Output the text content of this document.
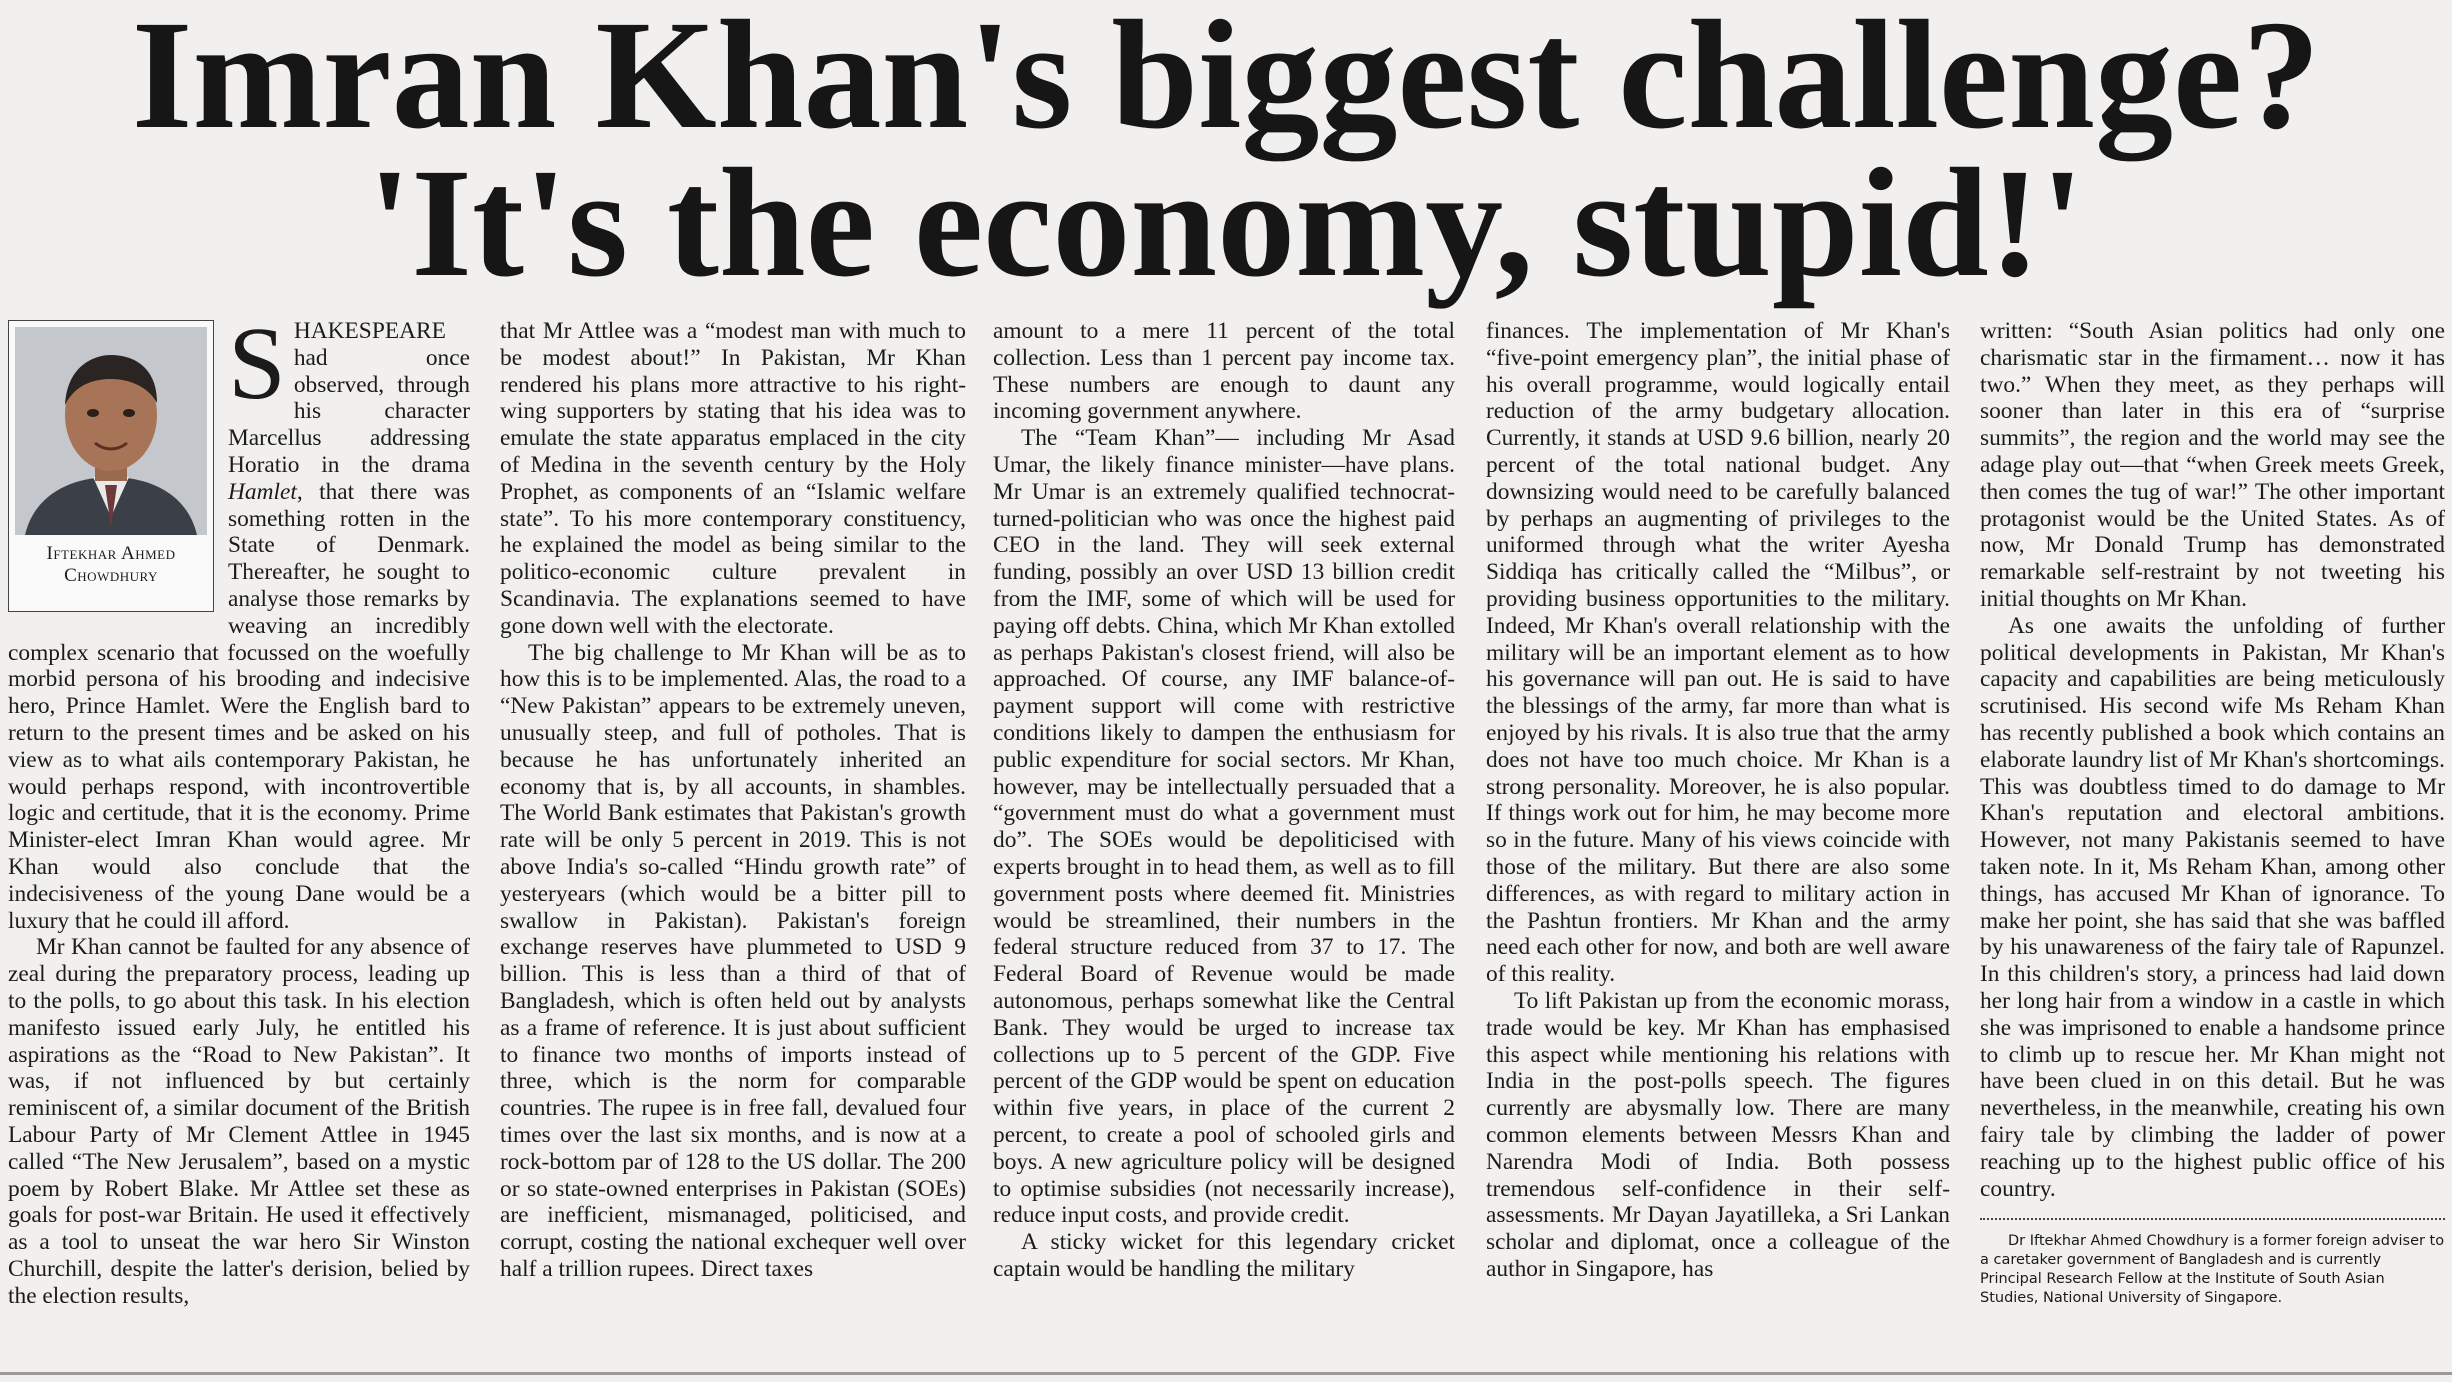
Imran Khan's biggest challenge?
'It's the economy, stupid!'
Iftekhar Ahmed
Chowdhury

SHAKESPEARE had once observed, through his character Marcellus addressing Horatio in the drama Hamlet, that there was something rotten in the State of Denmark. Thereafter, he sought to analyse those remarks by weaving an incredibly complex scenario that focussed on the woefully morbid persona of his brooding and indecisive hero, Prince Hamlet. Were the English bard to return to the present times and be asked on his view as to what ails contemporary Pakistan, he would perhaps respond, with incontrovertible logic and certitude, that it is the economy. Prime Minister-elect Imran Khan would agree. Mr Khan would also conclude that the indecisiveness of the young Dane would be a luxury that he could ill afford.

Mr Khan cannot be faulted for any absence of zeal during the preparatory process, leading up to the polls, to go about this task. In his election manifesto issued early July, he entitled his aspirations as the “Road to New Pakistan”. It was, if not influenced by but certainly reminiscent of, a similar document of the British Labour Party of Mr Clement Attlee in 1945 called “The New Jerusalem”, based on a mystic poem by Robert Blake. Mr Attlee set these as goals for post-war Britain. He used it effectively as a tool to unseat the war hero Sir Winston Churchill, despite the latter's derision, belied by the election results,

that Mr Attlee was a “modest man with much to be modest about!” In Pakistan, Mr Khan rendered his plans more attractive to his right-wing supporters by stating that his idea was to emulate the state apparatus emplaced in the city of Medina in the seventh century by the Holy Prophet, as components of an “Islamic welfare state”. To his more contemporary constituency, he explained the model as being similar to the politico-economic culture prevalent in Scandinavia. The explanations seemed to have gone down well with the electorate.

The big challenge to Mr Khan will be as to how this is to be implemented. Alas, the road to a “New Pakistan” appears to be extremely uneven, unusually steep, and full of potholes. That is because he has unfortunately inherited an economy that is, by all accounts, in shambles. The World Bank estimates that Pakistan's growth rate will be only 5 percent in 2019. This is not above India's so-called “Hindu growth rate” of yesteryears (which would be a bitter pill to swallow in Pakistan). Pakistan's foreign exchange reserves have plummeted to USD 9 billion. This is less than a third of that of Bangladesh, which is often held out by analysts as a frame of reference. It is just about sufficient to finance two months of imports instead of three, which is the norm for comparable countries. The rupee is in free fall, devalued four times over the last six months, and is now at a rock-bottom par of 128 to the US dollar. The 200 or so state-owned enterprises in Pakistan (SOEs) are inefficient, mismanaged, politicised, and corrupt, costing the national exchequer well over half a trillion rupees. Direct taxes

amount to a mere 11 percent of the total collection. Less than 1 percent pay income tax. These numbers are enough to daunt any incoming government anywhere.

The “Team Khan”— including Mr Asad Umar, the likely finance minister—have plans. Mr Umar is an extremely qualified technocrat-turned-politician who was once the highest paid CEO in the land. They will seek external funding, possibly an over USD 13 billion credit from the IMF, some of which will be used for paying off debts. China, which Mr Khan extolled as perhaps Pakistan's closest friend, will also be approached. Of course, any IMF balance-of-payment support will come with restrictive conditions likely to dampen the enthusiasm for public expenditure for social sectors. Mr Khan, however, may be intellectually persuaded that a “government must do what a government must do”. The SOEs would be depoliticised with experts brought in to head them, as well as to fill government posts where deemed fit. Ministries would be streamlined, their numbers in the federal structure reduced from 37 to 17. The Federal Board of Revenue would be made autonomous, perhaps somewhat like the Central Bank. They would be urged to increase tax collections up to 5 percent of the GDP. Five percent of the GDP would be spent on education within five years, in place of the current 2 percent, to create a pool of schooled girls and boys. A new agriculture policy will be designed to optimise subsidies (not necessarily increase), reduce input costs, and provide credit.

A sticky wicket for this legendary cricket captain would be handling the military

finances. The implementation of Mr Khan's “five-point emergency plan”, the initial phase of his overall programme, would logically entail reduction of the army budgetary allocation. Currently, it stands at USD 9.6 billion, nearly 20 percent of the total national budget. Any downsizing would need to be carefully balanced by perhaps an augmenting of privileges to the uniformed through what the writer Ayesha Siddiqa has critically called the “Milbus”, or providing business opportunities to the military. Indeed, Mr Khan's overall relationship with the military will be an important element as to how his governance will pan out. He is said to have the blessings of the army, far more than what is enjoyed by his rivals. It is also true that the army does not have too much choice. Mr Khan is a strong personality. Moreover, he is also popular. If things work out for him, he may become more so in the future. Many of his views coincide with those of the military. But there are also some differences, as with regard to military action in the Pashtun frontiers. Mr Khan and the army need each other for now, and both are well aware of this reality.

To lift Pakistan up from the economic morass, trade would be key. Mr Khan has emphasised this aspect while mentioning his relations with India in the post-polls speech. The figures currently are abysmally low. There are many common elements between Messrs Khan and Narendra Modi of India. Both possess tremendous self-confidence in their self-assessments. Mr Dayan Jayatilleka, a Sri Lankan scholar and diplomat, once a colleague of the author in Singapore, has

written: “South Asian politics had only one charismatic star in the firmament… now it has two.” When they meet, as they perhaps will sooner than later in this era of “surprise summits”, the region and the world may see the adage play out—that “when Greek meets Greek, then comes the tug of war!” The other important protagonist would be the United States. As of now, Mr Donald Trump has demonstrated remarkable self-restraint by not tweeting his initial thoughts on Mr Khan.

As one awaits the unfolding of further political developments in Pakistan, Mr Khan's capacity and capabilities are being meticulously scrutinised. His second wife Ms Reham Khan has recently published a book which contains an elaborate laundry list of Mr Khan's shortcomings. This was doubtless timed to do damage to Mr Khan's reputation and electoral ambitions. However, not many Pakistanis seemed to have taken note. In it, Ms Reham Khan, among other things, has accused Mr Khan of ignorance. To make her point, she has said that she was baffled by his unawareness of the fairy tale of Rapunzel. In this children's story, a princess had laid down her long hair from a window in a castle in which she was imprisoned to enable a handsome prince to climb up to rescue her. Mr Khan might not have been clued in on this detail. But he was nevertheless, in the meanwhile, creating his own fairy tale by climbing the ladder of power reaching up to the highest public office of his country.

Dr Iftekhar Ahmed Chowdhury is a former foreign adviser to a caretaker government of Bangladesh and is currently Principal Research Fellow at the Institute of South Asian Studies, National University of Singapore.
